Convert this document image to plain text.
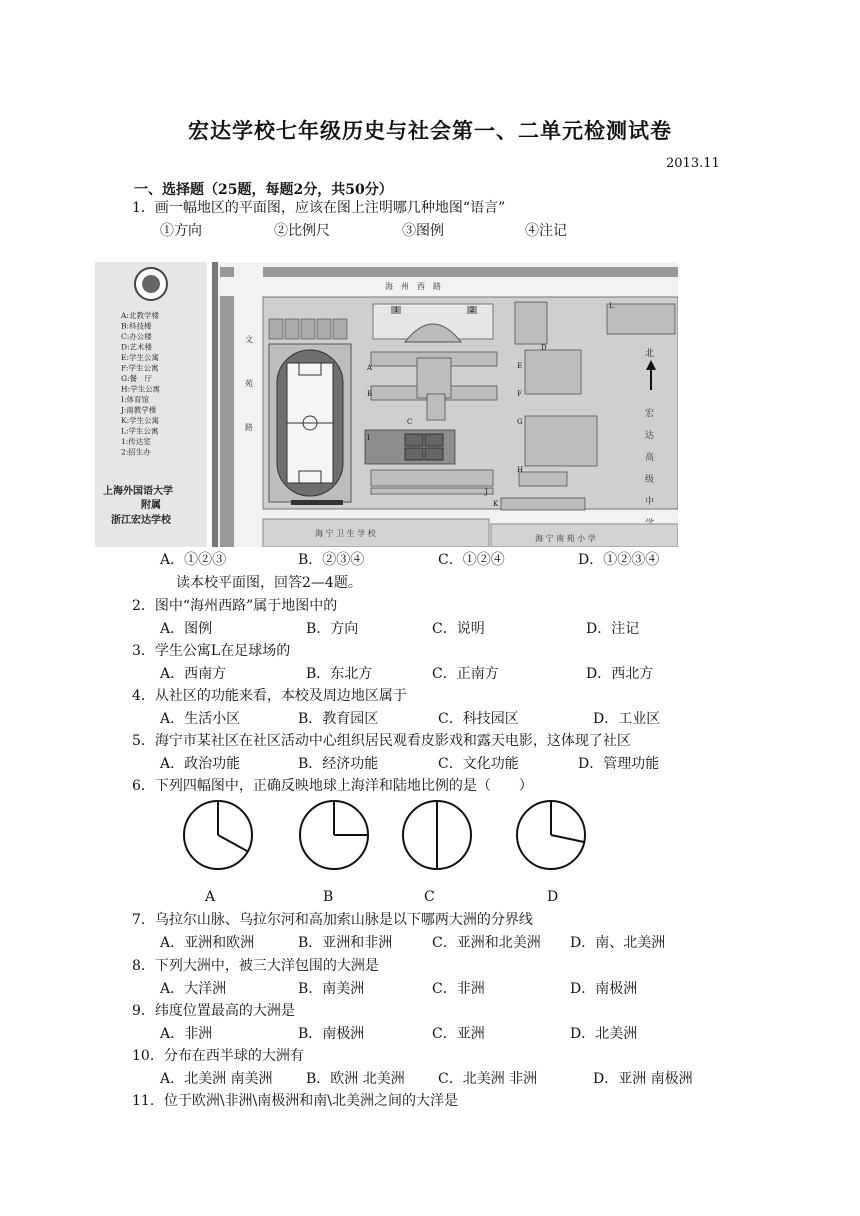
宏达学校七年级历史与社会第一、二单元检测试卷
2013.11
一、选择题（25题，每题2分，共50分）
1．画一幅地区的平面图，应该在图上注明哪几种地图“语言”
①方向	②比例尺	③图例	④注记
A:北教学楼
B:科技楼
C:办公楼
D:艺术楼
E:学生公寓
F:学生公寓
G:餐　厅
H:学生公寓
I:体育馆
J:南教学楼
K:学生公寓
L:学生公寓
1:传达室
2:招生办
上海外国语大学
附属
浙江宏达学校
海　州　西　路
文
苑
路
北
宏
达
高
级
中
海 宁 卫 生 学 校
海 宁 南 苑 小 学
A
B
C
D
E
F
G
H
I
J
K
L
1	2
A．①②③	B．②③④	C．①②④	D．①②③④
读本校平面图，回答2—4题。
2．图中“海州西路”属于地图中的
A．图例	B．方向	C．说明	D．注记
3．学生公寓L在足球场的
A．西南方	B．东北方	C．正南方	D．西北方
4．从社区的功能来看，本校及周边地区属于
A．生活小区	B．教育园区	C．科技园区	D．工业区
5．海宁市某社区在社区活动中心组织居民观看皮影戏和露天电影，这体现了社区
A．政治功能	B．经济功能	C．文化功能	D．管理功能
6．下列四幅图中，正确反映地球上海洋和陆地比例的是（　　）
A	B	C	D
7．乌拉尔山脉、乌拉尔河和高加索山脉是以下哪两大洲的分界线
A．亚洲和欧洲	B．亚洲和非洲	C．亚洲和北美洲 D．南、北美洲
8．下列大洲中，被三大洋包围的大洲是
A．大洋洲	B．南美洲	C．非洲	D．南极洲
9．纬度位置最高的大洲是
A．非洲	B．南极洲	C．亚洲	D．北美洲
10．分布在西半球的大洲有
A．北美洲 南美洲 B．欧洲 北美洲 C．北美洲 非洲	D．亚洲 南极洲
11．位于欧洲\非洲\南极洲和南\北美洲之间的大洋是
